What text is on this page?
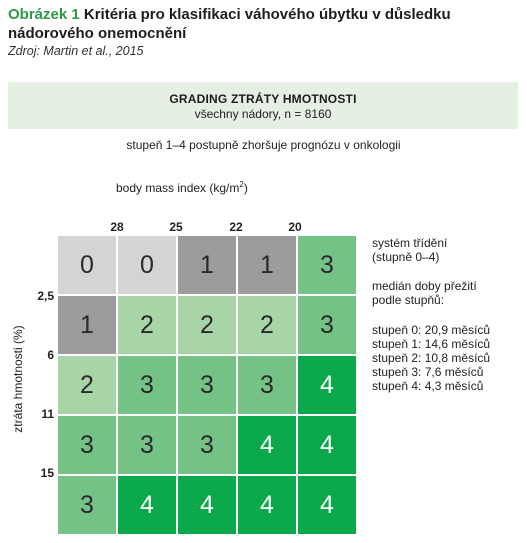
Obrázek 1 Kritéria pro klasifikaci váhového úbytku v důsledku nádorového onemocnění
Zdroj: Martin et al., 2015
GRADING ZTRÁTY HMOTNOSTI
všechny nádory, n = 8160
stupeň 1–4 postupně zhoršuje prognózu v onkologii
body mass index $(kg/m^2)$
28	25	22	20
2,5
6
11
15
ztráta hmotnosti (%)
0	0	1	1	3
1	2	2	2	3
2	3	3	3	4
3	3	3	4	4
3	4	4	4	4
systém třídění
(stupně 0–4)
medián doby přežití
podle stupňů:
stupeň 0: 20,9 měsíců
stupeň 1: 14,6 měsíců
stupeň 2: 10,8 měsíců
stupeň 3: 7,6 měsíců
stupeň 4: 4,3 měsíců
